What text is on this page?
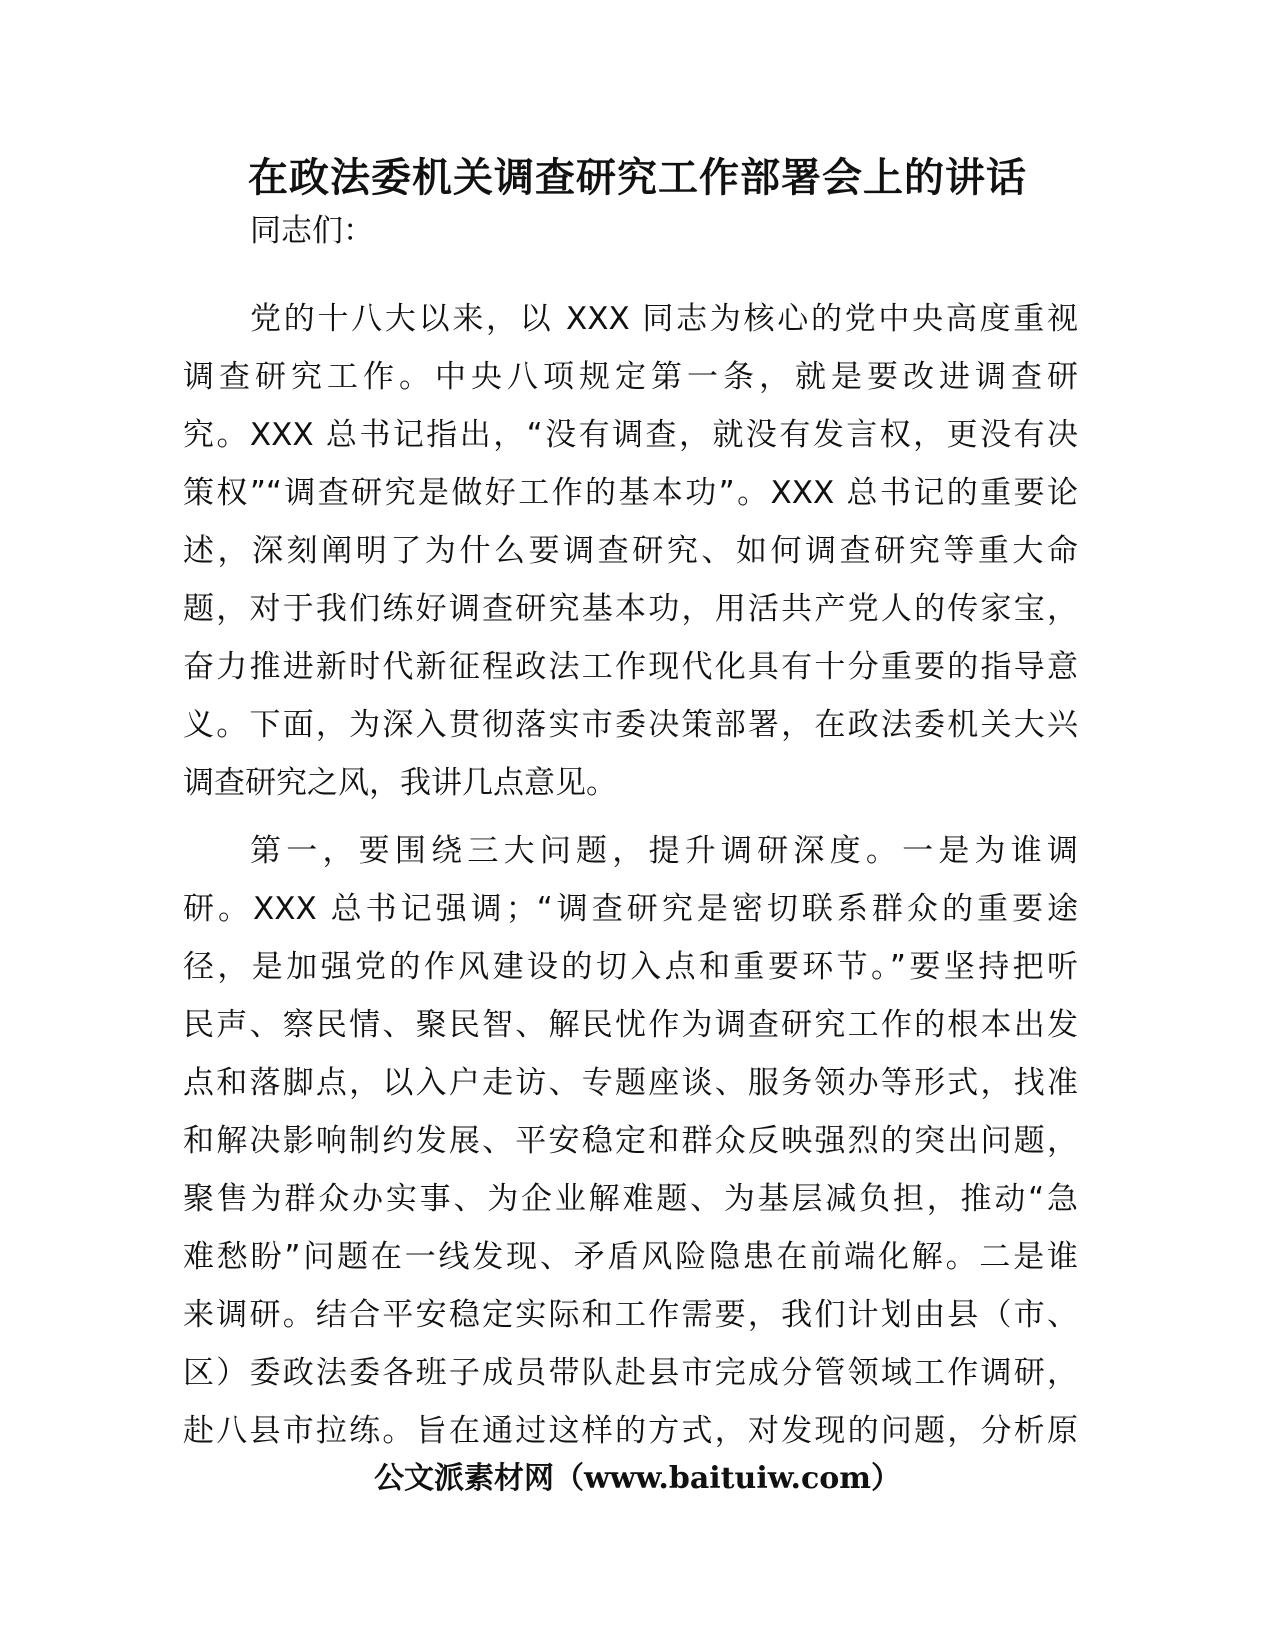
在政法委机关调查研究工作部署会上的讲话
同志们：
党的十八大以来，以 XXX 同志为核心的党中央高度重视
调查研究工作。中央八项规定第一条，就是要改进调查研
究。XXX 总书记指出，“没有调查，就没有发言权，更没有决
策权”“调查研究是做好工作的基本功”。XXX 总书记的重要论
述，深刻阐明了为什么要调查研究、如何调查研究等重大命
题，对于我们练好调查研究基本功，用活共产党人的传家宝，
奋力推进新时代新征程政法工作现代化具有十分重要的指导意
义。下面，为深入贯彻落实市委决策部署，在政法委机关大兴
调查研究之风，我讲几点意见。
第一，要围绕三大问题，提升调研深度。一是为谁调
研。XXX 总书记强调；“调查研究是密切联系群众的重要途
径，是加强党的作风建设的切入点和重要环节。”要坚持把听
民声、察民情、聚民智、解民忧作为调查研究工作的根本出发
点和落脚点，以入户走访、专题座谈、服务领办等形式，找准
和解决影响制约发展、平安稳定和群众反映强烈的突出问题，
聚售为群众办实事、为企业解难题、为基层减负担，推动“急
难愁盼”问题在一线发现、矛盾风险隐患在前端化解。二是谁
来调研。结合平安稳定实际和工作需要，我们计划由县（市、
区）委政法委各班子成员带队赴县市完成分管领域工作调研，
赴八县市拉练。旨在通过这样的方式，对发现的问题，分析原
公文派素材网（www.baituiw.com）
